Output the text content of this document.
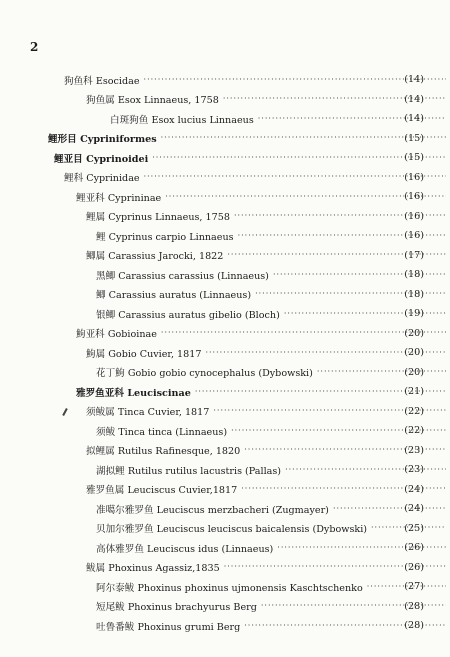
2
狗鱼科 Esocidae ·····	(14)
狗鱼属 Esox Linnaeus, 1758 ·····	(14)
白斑狗鱼 Esox lucius Linnaeus ·····	(14)
鲤形目 Cypriniformes ·····	(15)
鲤亚目 Cyprinoidei ·····	(15)
鲤科 Cyprinidae ·····	(16)
鲤亚科 Cyprininae ·····	(16)
鲤属 Cyprinus Linnaeus, 1758 ·····	(16)
鲤 Cyprinus carpio Linnaeus ·····	(16)
鲫属 Carassius Jarocki, 1822 ·····	(17)
黑鲫 Carassius carassius (Linnaeus) ·····	(18)
鲫 Carassius auratus (Linnaeus) ·····	(18)
银鲫 Carassius auratus gibelio (Bloch) ·····	(19)
鮈亚科 Gobioinae ·····	(20)
鮈属 Gobio Cuvier, 1817 ·····	(20)
花丁鮈 Gobio gobio cynocephalus (Dybowski) ·····	(20)
雅罗鱼亚科 Leuciscinae ·····	(21)
须鲅属 Tinca Cuvier, 1817 ·····	(22)
须鲅 Tinca tinca (Linnaeus) ·····	(22)
拟鲤属 Rutilus Rafinesque, 1820 ·····	(23)
湖拟鲤 Rutilus rutilus lacustris (Pallas) ·····	(23)
雅罗鱼属 Leuciscus Cuvier,1817 ·····	(24)
准噶尔雅罗鱼 Leuciscus merzbacheri (Zugmayer) ·····	(24)
贝加尔雅罗鱼 Leuciscus leuciscus baicalensis (Dybowski) ·····	(25)
高体雅罗鱼 Leuciscus idus (Linnaeus) ·····	(26)
鲅属 Phoxinus Agassiz,1835 ·····	(26)
阿尔泰鲅 Phoxinus phoxinus ujmonensis Kaschtschenko ·····	(27)
短尾鲅 Phoxinus brachyurus Berg ·····	(28)
吐鲁番鲅 Phoxinus grumi Berg ·····	(28)
